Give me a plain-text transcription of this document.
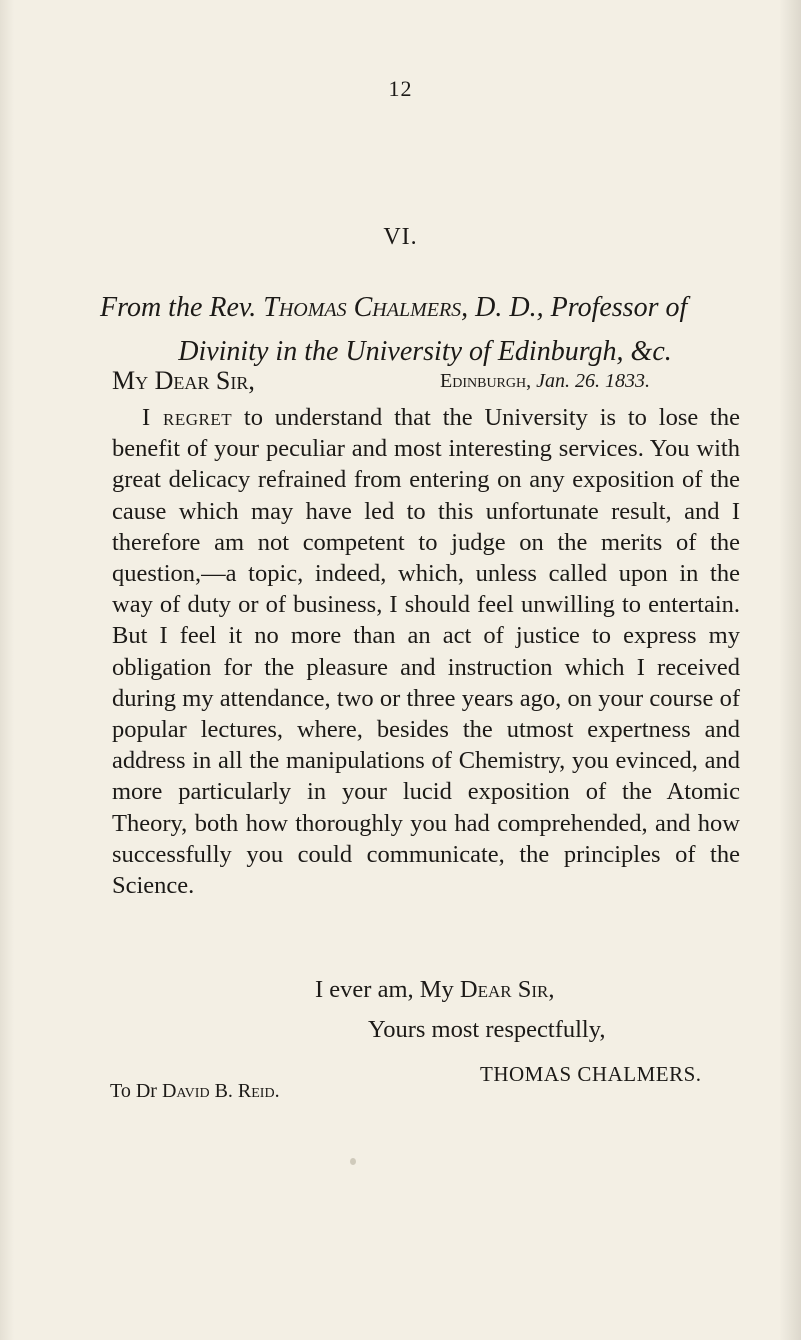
12
VI.
From the Rev. Thomas Chalmers, D. D., Professor of
Divinity in the University of Edinburgh, &c.
My Dear Sir,	Edinburgh, Jan. 26. 1833.

I regret to understand that the University is to lose the benefit of your peculiar and most interesting services. You with great delicacy refrained from entering on any exposition of the cause which may have led to this unfortunate result, and I therefore am not competent to judge on the merits of the question,—a topic, indeed, which, unless called upon in the way of duty or of business, I should feel unwilling to entertain. But I feel it no more than an act of justice to express my obligation for the pleasure and instruction which I received during my attendance, two or three years ago, on your course of popular lectures, where, besides the utmost expertness and address in all the manipulations of Chemistry, you evinced, and more particularly in your lucid exposition of the Atomic Theory, both how thoroughly you had comprehended, and how successfully you could communicate, the principles of the Science.

I ever am, My Dear Sir,
Yours most respectfully,
THOMAS CHALMERS.
To Dr David B. Reid.
